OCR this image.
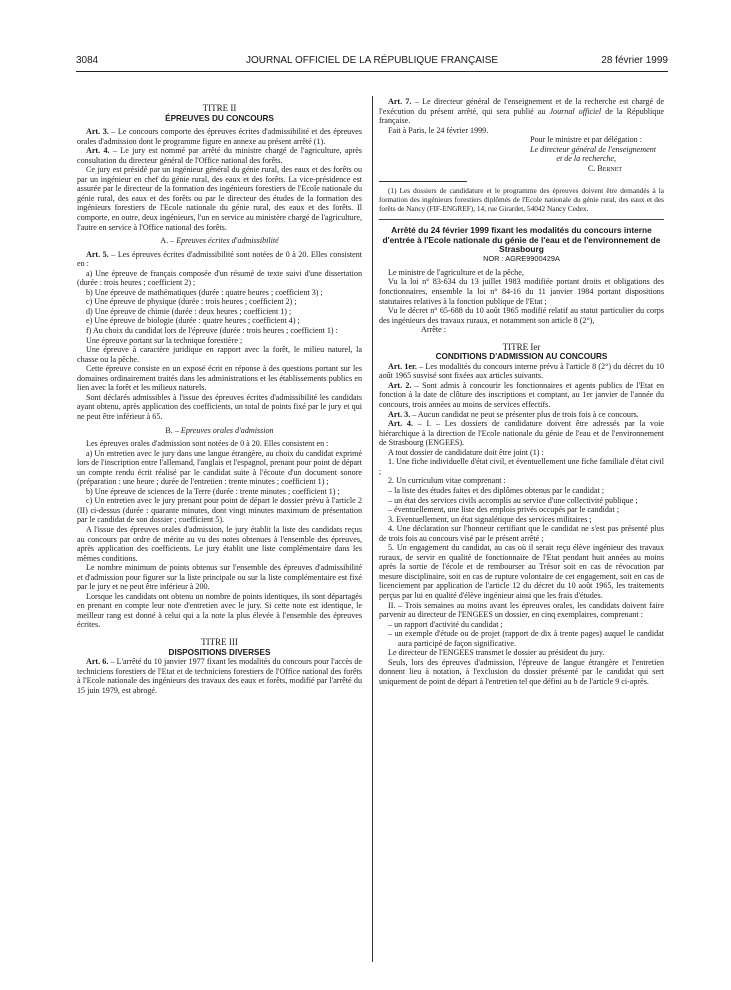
3084	JOURNAL OFFICIEL DE LA RÉPUBLIQUE FRANÇAISE	28 février 1999

TITRE II

ÉPREUVES DU CONCOURS

Art. 3. – Le concours comporte des épreuves écrites d'admissibilité et des épreuves orales d'admission dont le programme figure en annexe au présent arrêté (1).

Art. 4. – Le jury est nommé par arrêté du ministre chargé de l'agriculture, après consultation du directeur général de l'Office national des forêts.

Ce jury est présidé par un ingénieur général du génie rural, des eaux et des forêts ou par un ingénieur en chef du génie rural, des eaux et des forêts. La vice-présidence est assurée par le directeur de la formation des ingénieurs forestiers de l'Ecole nationale du génie rural, des eaux et des forêts ou par le directeur des études de la formation des ingénieurs forestiers de l'Ecole nationale du génie rural, des eaux et des forêts. Il comporte, en outre, deux ingénieurs, l'un en service au ministère chargé de l'agriculture, l'autre en service à l'Office national des forêts.

A. – Epreuves écrites d'admissibilité

Art. 5. – Les épreuves écrites d'admissibilité sont notées de 0 à 20. Elles consistent en :

a) Une épreuve de français composée d'un résumé de texte suivi d'une dissertation (durée : trois heures ; coefficient 2) ;

b) Une épreuve de mathématiques (durée : quatre heures ; coefficient 3) ;

c) Une épreuve de physique (durée : trois heures ; coefficient 2) ;

d) Une épreuve de chimie (durée : deux heures ; coefficient 1) ;

e) Une épreuve de biologie (durée : quatre heures ; coefficient 4) ;

f) Au choix du candidat lors de l'épreuve (durée : trois heures ; coefficient 1) :

Une épreuve portant sur la technique forestière ;

Une épreuve à caractère juridique en rapport avec la forêt, le milieu naturel, la chasse ou la pêche.

Cette épreuve consiste en un exposé écrit en réponse à des questions portant sur les domaines ordinairement traités dans les administrations et les établissements publics en lien avec la forêt et les milieux naturels.

Sont déclarés admissibles à l'issue des épreuves écrites d'admissibilité les candidats ayant obtenu, après application des coefficients, un total de points fixé par le jury et qui ne peut être inférieur à 65.

B. – Epreuves orales d'admission

Les épreuves orales d'admission sont notées de 0 à 20. Elles consistent en :

a) Un entretien avec le jury dans une langue étrangère, au choix du candidat exprimé lors de l'inscription entre l'allemand, l'anglais et l'espagnol, prenant pour point de départ un compte rendu écrit réalisé par le candidat suite à l'écoute d'un document sonore (préparation : une heure ; durée de l'entretien : trente minutes ; coefficient 1) ;

b) Une épreuve de sciences de la Terre (durée : trente minutes ; coefficient 1) ;

c) Un entretien avec le jury prenant pour point de départ le dossier prévu à l'article 2 (II) ci-dessus (durée : quarante minutes, dont vingt minutes maximum de présentation par le candidat de son dossier ; coefficient 5).

A l'issue des épreuves orales d'admission, le jury établit la liste des candidats reçus au concours par ordre de mérite au vu des notes obtenues à l'ensemble des épreuves, après application des coefficients. Le jury établit une liste complémentaire dans les mêmes conditions.

Le nombre minimum de points obtenus sur l'ensemble des épreuves d'admissibilité et d'admission pour figurer sur la liste principale ou sur la liste complémentaire est fixé par le jury et ne peut être inférieur à 200.

Lorsque les candidats ont obtenu un nombre de points identiques, ils sont départagés en prenant en compte leur note d'entretien avec le jury. Si cette note est identique, le meilleur rang est donné à celui qui a la note la plus élevée à l'ensemble des épreuves écrites.

TITRE III

DISPOSITIONS DIVERSES

Art. 6. – L'arrêté du 10 janvier 1977 fixant les modalités du concours pour l'accès de techniciens forestiers de l'Etat et de techniciens forestiers de l'Office national des forêts à l'Ecole nationale des ingénieurs des travaux des eaux et forêts, modifié par l'arrêté du 15 juin 1979, est abrogé.

Art. 7. – Le directeur général de l'enseignement et de la recherche est chargé de l'exécution du présent arrêté, qui sera publié au Journal officiel de la République française.

Fait à Paris, le 24 février 1999.

Pour le ministre et par délégation :

Le directeur général de l'enseignement

et de la recherche,

C. Bernet

(1) Les dossiers de candidature et le programme des épreuves doivent être demandés à la formation des ingénieurs forestiers diplômés de l'Ecole nationale du génie rural, des eaux et des forêts de Nancy (FIF-ENGREF), 14, rue Girardet, 54042 Nancy Cedex.

Arrêté du 24 février 1999 fixant les modalités du concours interne d'entrée à l'Ecole nationale du génie de l'eau et de l'environnement de Strasbourg

NOR : AGRE9900429A

Le ministre de l'agriculture et de la pêche,

Vu la loi n° 83-634 du 13 juillet 1983 modifiée portant droits et obligations des fonctionnaires, ensemble la loi n° 84-16 du 11 janvier 1984 portant dispositions statutaires relatives à la fonction publique de l'Etat ;

Vu le décret n° 65-688 du 10 août 1965 modifié relatif au statut particulier du corps des ingénieurs des travaux ruraux, et notamment son article 8 (2°),

Arrête :

TITRE Ier

CONDITIONS D'ADMISSION AU CONCOURS

Art. 1er. – Les modalités du concours interne prévu à l'article 8 (2°) du décret du 10 août 1965 susvisé sont fixées aux articles suivants.

Art. 2. – Sont admis à concourir les fonctionnaires et agents publics de l'Etat en fonction à la date de clôture des inscriptions et comptant, au 1er janvier de l'année du concours, trois années au moins de services effectifs.

Art. 3. – Aucun candidat ne peut se présenter plus de trois fois à ce concours.

Art. 4. – I. – Les dossiers de candidature doivent être adressés par la voie hiérarchique à la direction de l'Ecole nationale du génie de l'eau et de l'environnement de Strasbourg (ENGEES).

A tout dossier de candidature doit être joint (1) :

1. Une fiche individuelle d'état civil, et éventuellement une fiche familiale d'état civil ;

2. Un curriculum vitae comprenant :

– la liste des études faites et des diplômes obtenus par le candidat ;

– un état des services civils accomplis au service d'une collectivité publique ;

– éventuellement, une liste des emplois privés occupés par le candidat ;

3. Eventuellement, un état signalétique des services militaires ;

4. Une déclaration sur l'honneur certifiant que le candidat ne s'est pas présenté plus de trois fois au concours visé par le présent arrêté ;

5. Un engagement du candidat, au cas où il serait reçu élève ingénieur des travaux ruraux, de servir en qualité de fonctionnaire de l'Etat pendant huit années au moins après la sortie de l'école et de rembourser au Trésor soit en cas de révocation par mesure disciplinaire, soit en cas de rupture volontaire de cet engagement, soit en cas de licenciement par application de l'article 12 du décret du 10 août 1965, les traitements perçus par lui en qualité d'élève ingénieur ainsi que les frais d'études.

II. – Trois semaines au moins avant les épreuves orales, les candidats doivent faire parvenir au directeur de l'ENGEES un dossier, en cinq exemplaires, comprenant :

– un rapport d'activité du candidat ;

– un exemple d'étude ou de projet (rapport de dix à trente pages) auquel le candidat aura participé de façon significative.

Le directeur de l'ENGEES transmet le dossier au président du jury.

Seuls, lors des épreuves d'admission, l'épreuve de langue étrangère et l'entretien donnent lieu à notation, à l'exclusion du dossier présenté par le candidat qui sert uniquement de point de départ à l'entretien tel que défini au b de l'article 9 ci-après.
